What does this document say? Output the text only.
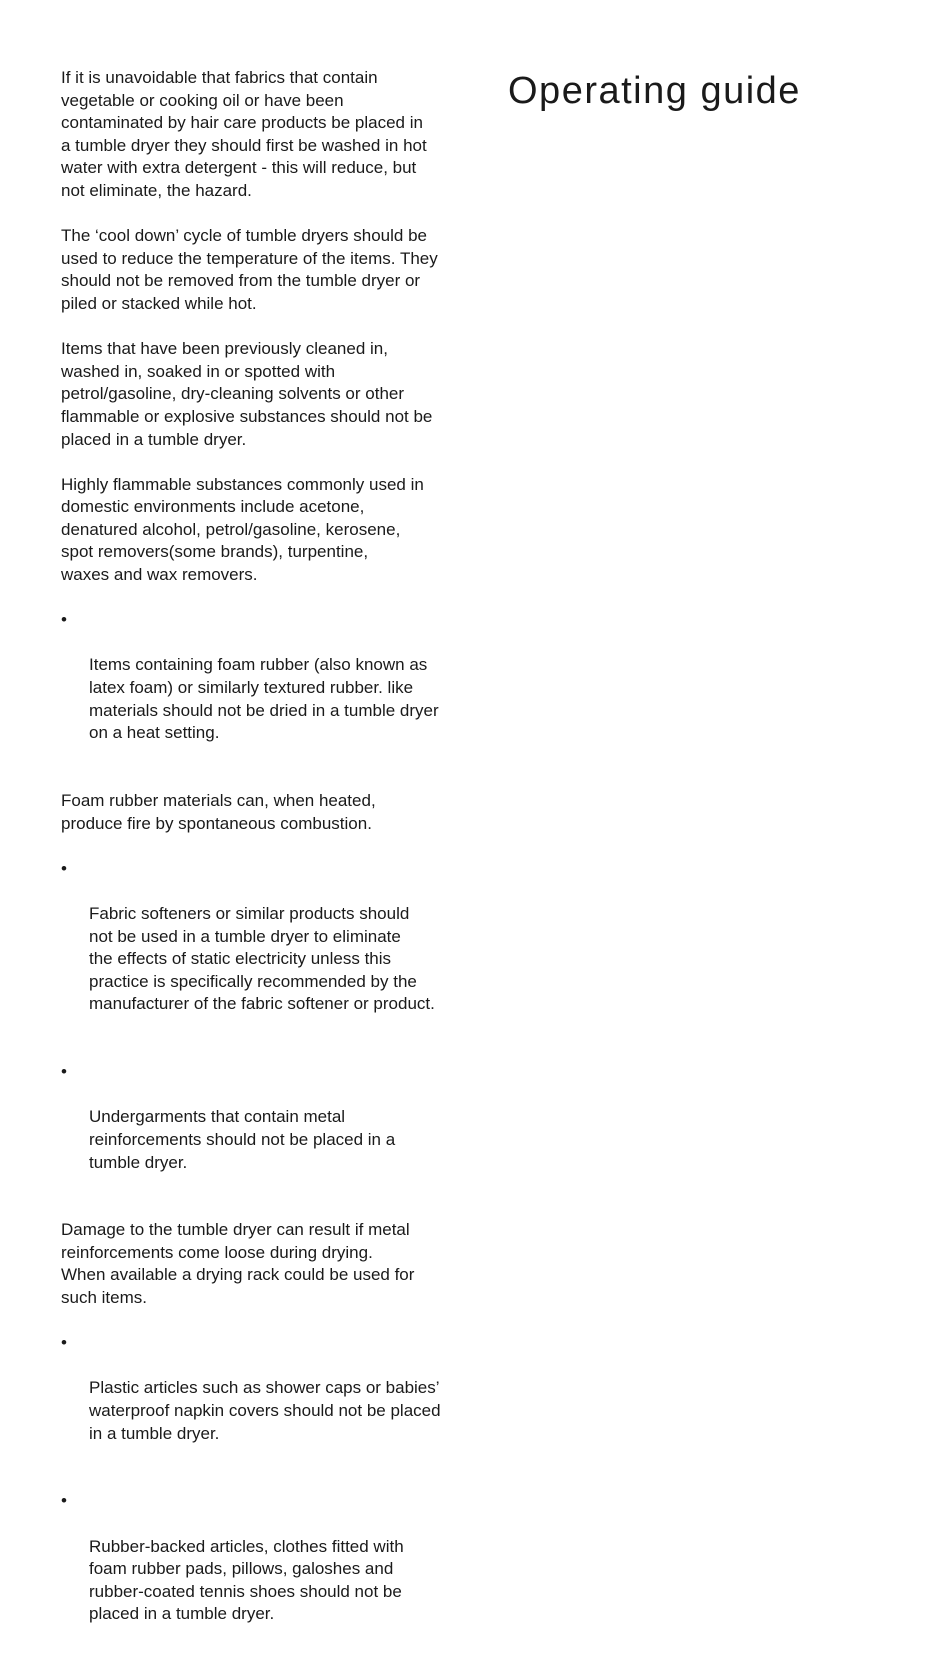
Operating guide

If it is unavoidable that fabrics that contain
vegetable or cooking oil or have been
contaminated by hair care products be placed in
a tumble dryer they should first be washed in hot
water with extra detergent - this will reduce, but
not eliminate, the hazard.

The ‘cool down’ cycle of tumble dryers should be
used to reduce the temperature of the items. They
should not be removed from the tumble dryer or
piled or stacked while hot.

Items that have been previously cleaned in,
washed in, soaked in or spotted with
petrol/gasoline, dry-cleaning solvents or other
flammable or explosive substances should not be
placed in a tumble dryer.

Highly flammable substances commonly used in
domestic environments include acetone,
denatured alcohol, petrol/gasoline, kerosene,
spot removers(some brands), turpentine,
waxes and wax removers.

•

Items containing foam rubber (also known as
latex foam) or similarly textured rubber. like
materials should not be dried in a tumble dryer
on a heat setting.

Foam rubber materials can, when heated,
produce fire by spontaneous combustion.

•

Fabric softeners or similar products should
not be used in a tumble dryer to eliminate
the effects of static electricity unless this
practice is specifically recommended by the
manufacturer of the fabric softener or product.

•

Undergarments that contain metal
reinforcements should not be placed in a
tumble dryer.

Damage to the tumble dryer can result if metal
reinforcements come loose during drying.
When available a drying rack could be used for
such items.

•

Plastic articles such as shower caps or babies’
waterproof napkin covers should not be placed
in a tumble dryer.

•

Rubber-backed articles, clothes fitted with
foam rubber pads, pillows, galoshes and
rubber-coated tennis shoes should not be
placed in a tumble dryer.
